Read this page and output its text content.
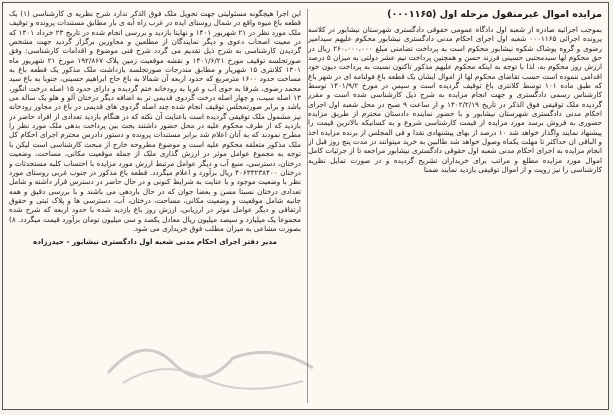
مزایده اموال غیرمنقول مرحله اول (۰۰۰۱۱۶۵)

بموجب اجرائیه صادره از شعبه اول دادگاه عمومی حقوقی دادگستری شهرستان نیشابور در کلاسه پرونده اجرائی ۰۰۰۱۱۶۵ شعبه اول اجرای احکام مدنی دادگستری نیشابور محکوم علیهم سیدامیر رضوی و گروه پوشاک شکوه نیشابور محکوم است به پرداخت تضامنی مبلغ ۲۶۰،۰۰۰،۰۰۰ ریال در حق محکوم لها سیدمحتبی حسینی فرزند حسن و همچنین پرداخت نیم عشر دولتی به میزان ۵ درصد ارزش روز محکوم به، لذا با توجه به اینکه محکوم علیهم مذکور تاکنون نسبت به پرداخت دیون خود اقدامی ننموده است حسب تقاضای محکوم لها از اموال ایشان یک قطعه باغ فولنامه ای در شهر باغ که طبق ماده ۱۰۱ توسط کلانتری باغ توقیف گردیده است و سپس در مورخ ۱۴۰۱/۹/۲ توسط کارشناس رسمی دادگستری و جهت انجام مزایده به شرح ذیل کارشناسی شده است و مقرر گردیده ملک توقیفی فوق الذکر در تاریخ ۱۴۰۲/۲/۱۹ و از ساعت ۹ صبح در محل شعبه اول اجرای احکام مدنی دادگستری شهرستان نیشابور و با حضور نماینده دادستان محترم از طریق مزایده حضوری به فروش برسد مورد مزایده از قیمت کارشناسی شروع و به کسانیکه بالاترین قیمت را پیشنهاد نمایند واگذار خواهد شد ۱۰ درصد از بهای پیشنهادی نقدا و فی المجلس از برنده مزایده اخذ و الباقی ان حداکثر تا مهلت یکماه وصول خواهد شد طالبین به خرید میتوانند در مدت پنج روز قبل از انجام مزایده به اجرای احکام مدنی شعبه اول حقوقی دادگستری نیشابور مراجعه تا از جزئیات کامل اموال مورد مزایده مطلع و مراتب برای خریداران تشریح گردیده و در صورت تمایل نظریه کارشناسی را نیز رویت و از اموال توقیفی بازدید نمایند ضمنا

این اجرا هیچگونه مسئولیتی جهت تحویل ملک فوق الذکر ندارد شرح نظریه ی کارشناسی (۱) یک قطعه باغ میوه واقع در شمال روستای ایده در غرب راه آبه ی بار مطابق مستندات پرونده و توقیف ملک مورد نظر در ۲۱ شهریور ۱۴۰۱ و نهایتا بازدید و بررسی انجام شده در تاریخ ۲۳ خرداد ۱۴۰۱ که در معیت اصحاب دعوی و دیگر نمایندگان از مطلعین و مجاورین برگزار گردید جهت مشخص گردیدن کارشناسی به شرح ذیل تقدیم می گردد شرح فنی موضوع و اقدامات کارشناسی: وفق صورتجلسه توقیف مورخ ۱۴۰۱/۶/۲۱ و نقشه موقعیت زمین پلاک ۱۹۲/۸۶۷ مورخ ۲۱ شهریور ماه ۱۴۰۱ کلانتری ۱۵ شهریار و مطابق مندرجات صورتجلسه بازداشت ملک مذکور یک قطعه باغ به مساحت حدود ۱۶۰۰ مترمربع که حدود اربعه آن شمالا به باغ حاج ابراهیم حسینی، جنوبا به باغ سید محمد رضوی، شرقا به جوی آب و غربا به رودخانه ختم گردیده و دارای حدود ۱۵ اصله درخت انگور، ۱۳ اصله سیب، و چهار اصله درخت گردوی قدیمی تر به اضافه دیگر درختان آلو و هلو یک ساله می باشد و برابر صورتمجلس توقیف انجام شده چند اصله گردوی های قدیمی در باغ در مجاور رودخانه نیز مشمول ملک توقیفی گردیده است باعنایت آن نکته که در هنگام بازدید تعدادی از افراد حاضر در بازدید که از طرف محکوم علیه در محل حضور داشتند بحث بین پرداخت بدهی ملک مورد نظر را مطرح نمودند که به آنان اعلام شد برابر مستندات پرونده و دستور دادرس محترم اجرای احکام کل ملک مذکور متعلقه محکوم علیه است و موضوع مطروحه خارج از مبحث کارشناسی است لیکن با توجه به مجموع عوامل موثر در ارزش گذاری ملک از جمله موقعیت مکانی، مساحت، وضعیت درختان، دسترسی، منبع آب و دیگر عوامل مرتبط ارزش مورد مزایده با احتساب کلیه مستحدثات و درختان ۴۰۶۳۳۲۳۸۴۰۰ ریال برآورد و اعلام میگردد. قطعه باغ مذکور در جنوب غربی روستای مورد نظر با وضعیت موجود و با عنایت به شرایط کنونی و در حال حاضر در دسترس قرار داشته و شامل تعدادی درختان نسبتا مسن و بعضا جوان که در حال باردهی می باشند و با بررسی دقیق و همه جانبه شامل موقعیت و وضعیت مکانی، مساحت، درختان، آب، دسترسی ها و پلاک ثبتی و حقوق ارتفاقی و دیگر عوامل موثر در ارزیابی، ارزش روز باغ بازدید شده با حدود اربعه که شرح شده مجموعا یک میلیارد و سیصد میلیون ریال معادل یکصد و سی میلیون تومان برآورد قیمت میگردد. ۸) بصورت مشاعی به میزان مطلب فوق خریداری می شود.

مدیر دفتر اجرای احکام مدنی شعبه اول دادگستری نیشابور - حیدرزاده
